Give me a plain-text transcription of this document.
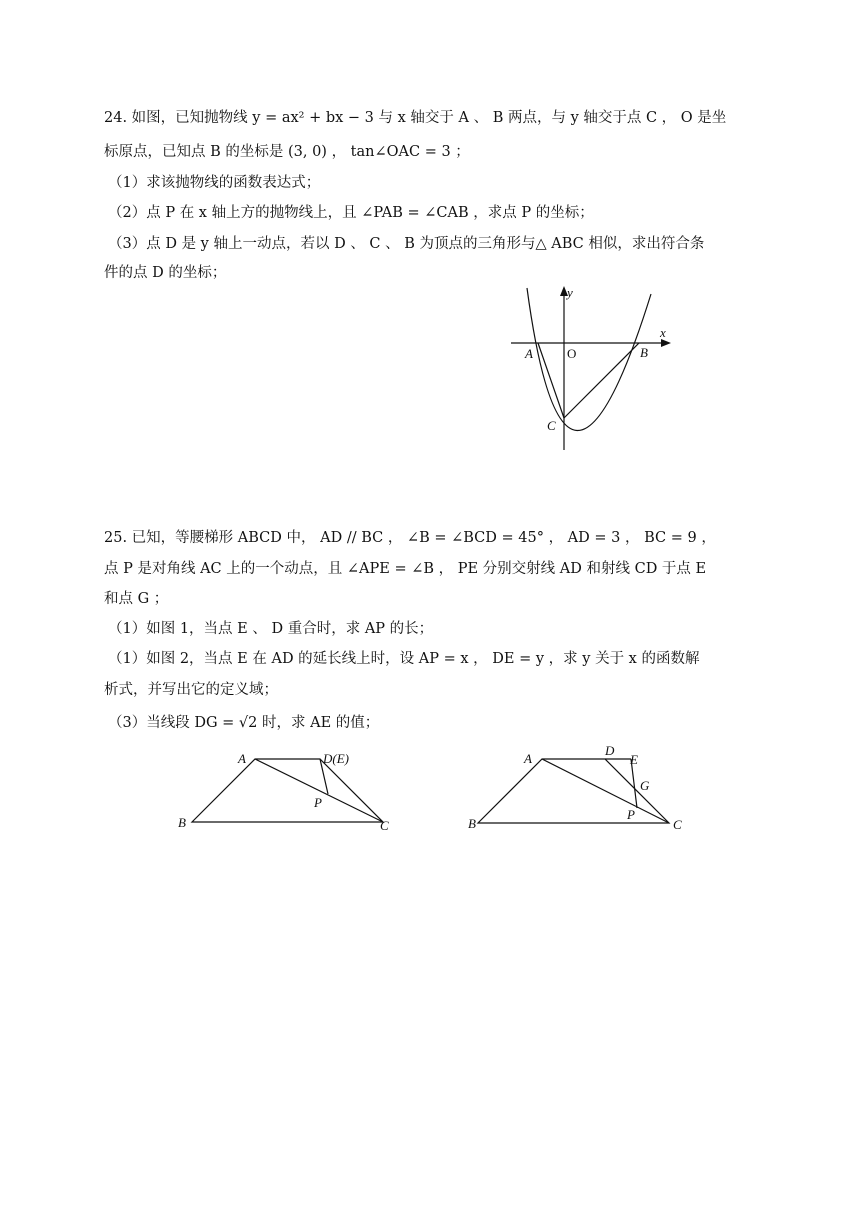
24. 如图，已知抛物线 y = ax² + bx − 3 与 x 轴交于 A 、 B 两点，与 y 轴交于点 C ， O 是坐
标原点，已知点 B 的坐标是 (3, 0) ， tan∠OAC = 3 ；
（1）求该抛物线的函数表达式；
（2）点 P 在 x 轴上方的抛物线上，且 ∠PAB = ∠CAB ，求点 P 的坐标；
（3）点 D 是 y 轴上一动点，若以 D 、 C 、 B 为顶点的三角形与△ ABC 相似，求出符合条
件的点 D 的坐标；
y
x
A	O	B
C
25. 已知，等腰梯形 ABCD 中， AD // BC ， ∠B = ∠BCD = 45° ， AD = 3 ， BC = 9 ，
点 P 是对角线 AC 上的一个动点，且 ∠APE = ∠B ， PE 分别交射线 AD 和射线 CD 于点 E
和点 G ；
（1）如图 1，当点 E 、 D 重合时，求 AP 的长；
（1）如图 2，当点 E 在 AD 的延长线上时，设 AP = x ， DE = y ，求 y 关于 x 的函数解
析式，并写出它的定义域；
（3）当线段 DG = √2 时，求 AE 的值；
A	D(E)
B	C
P
A
D
E
G
B	C
P
